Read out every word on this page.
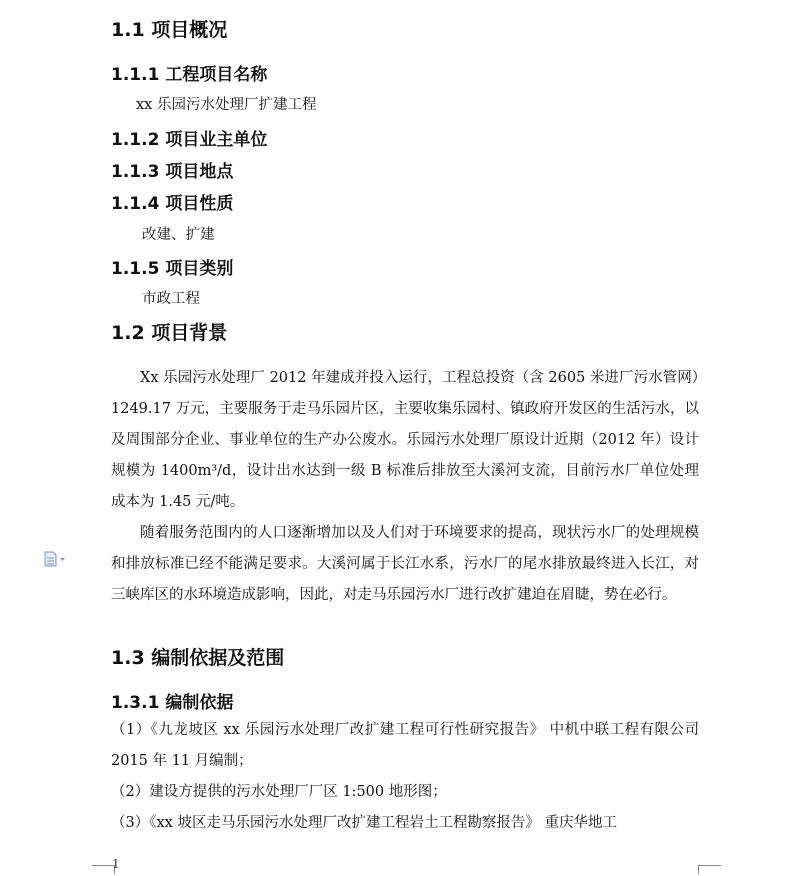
1.1 项目概况
1.1.1 工程项目名称
xx 乐园污水处理厂扩建工程
1.1.2 项目业主单位
1.1.3 项目地点
1.1.4 项目性质
改建、扩建
1.1.5 项目类别
市政工程
1.2 项目背景

Xx 乐园污水处理厂 2012 年建成并投入运行，工程总投资（含 2605 米进厂污水管网）1249.17 万元，主要服务于走马乐园片区，主要收集乐园村、镇政府开发区的生活污水，以及周围部分企业、事业单位的生产办公废水。乐园污水处理厂原设计近期（2012 年）设计规模为 1400m³/d，设计出水达到一级 B 标准后排放至大溪河支流，目前污水厂单位处理成本为 1.45 元/吨。

随着服务范围内的人口逐渐增加以及人们对于环境要求的提高，现状污水厂的处理规模和排放标准已经不能满足要求。大溪河属于长江水系，污水厂的尾水排放最终进入长江，对三峡库区的水环境造成影响，因此，对走马乐园污水厂进行改扩建迫在眉睫，势在必行。

1.3 编制依据及范围
1.3.1 编制依据

（1）《九龙坡区 xx 乐园污水处理厂改扩建工程可行性研究报告》 中机中联工程有限公司 2015 年 11 月编制；

（2）建设方提供的污水处理厂厂区 1:500 地形图；

（3）《xx 坡区走马乐园污水处理厂改扩建工程岩土工程勘察报告》 重庆华地工

1
